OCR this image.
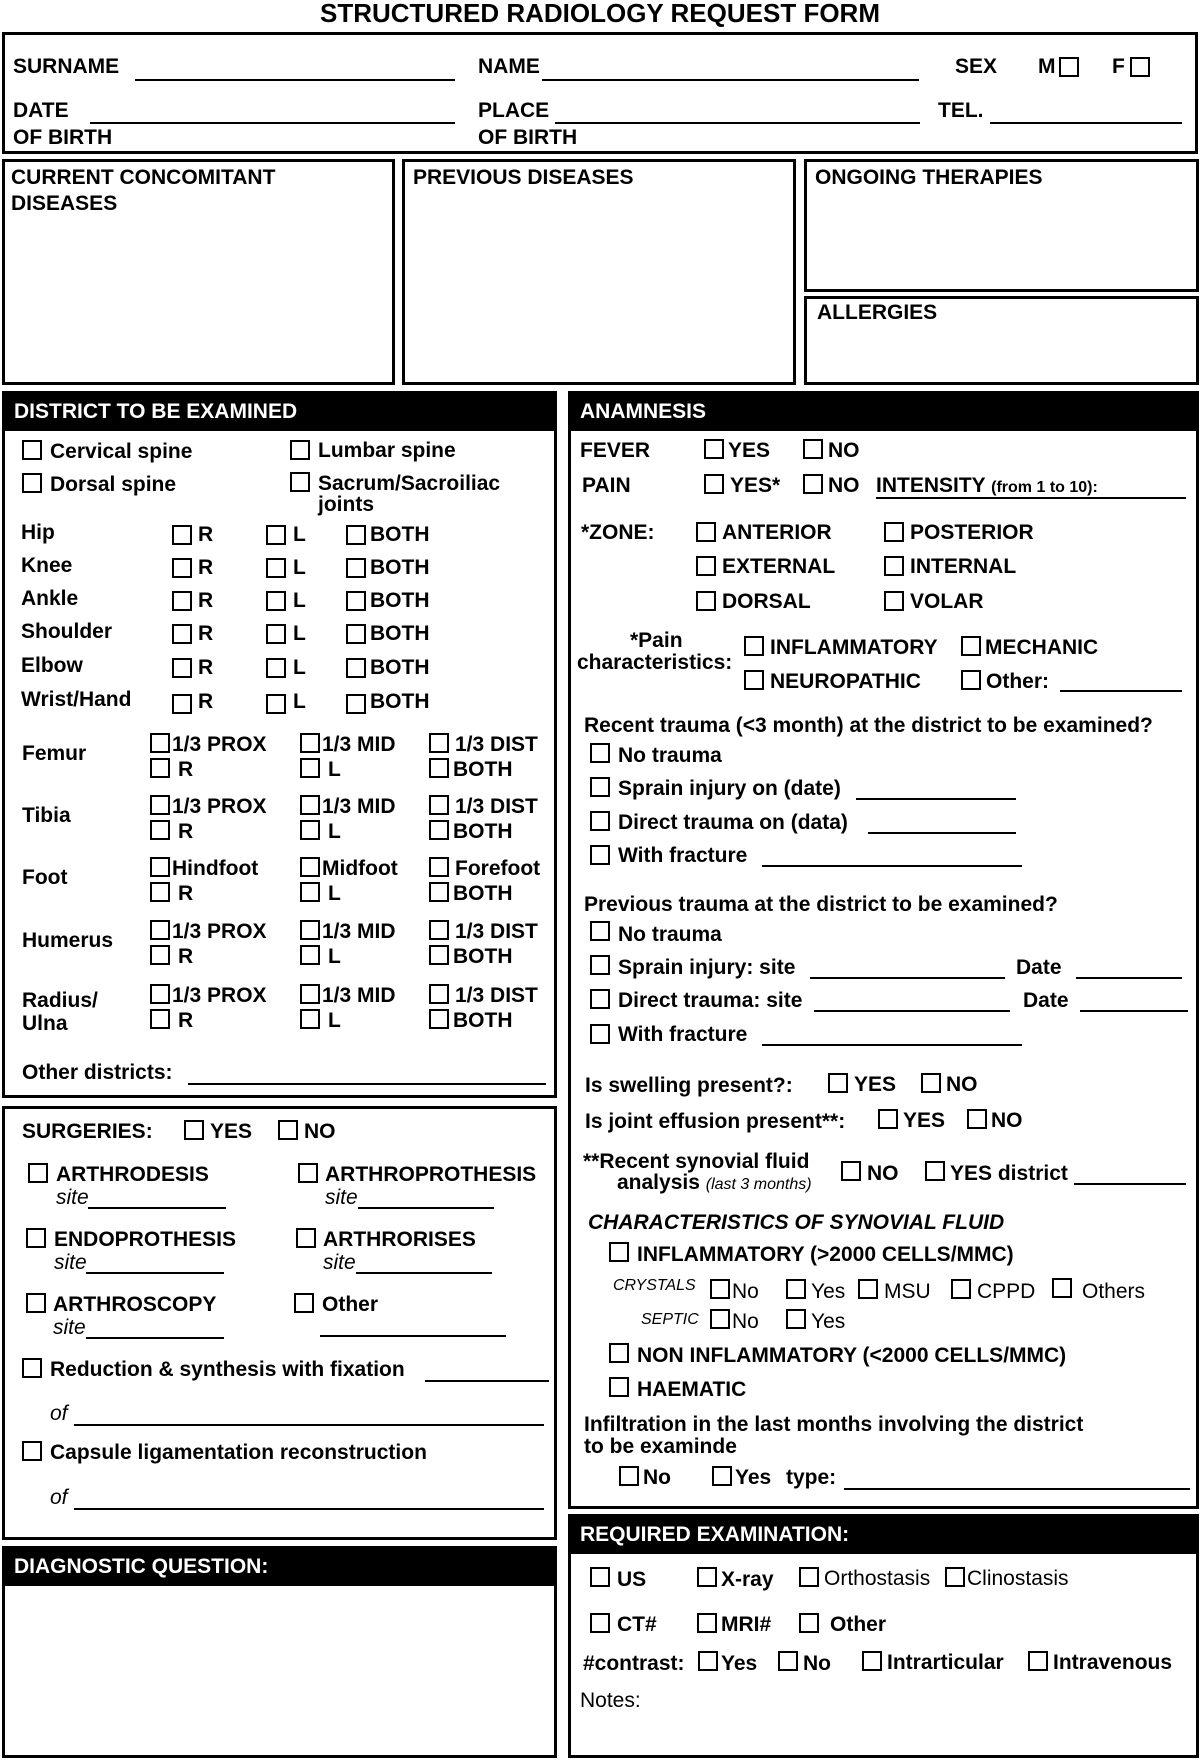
STRUCTURED RADIOLOGY REQUEST FORM
SURNAME	NAME	SEX M	F
DATE
OF BIRTH
PLACE
OF BIRTH
TEL.
CURRENT CONCOMITANT
DISEASES
PREVIOUS DISEASES	ONGOING THERAPIES
ALLERGIES
DISTRICT TO BE EXAMINED
Cervical spine	Lumbar spine
Dorsal spine	Sacrum/Sacroiliac
joints
Hip	R	L	BOTH
Knee	R	L	BOTH
Ankle	R	L	BOTH
Shoulder	R	L	BOTH
Elbow	R	L	BOTH
Wrist/Hand	R	L	BOTH
Femur	1/3 PROX	1/3 MID	1/3 DIST
R	L	BOTH
Tibia	1/3 PROX	1/3 MID	1/3 DIST
R	L	BOTH
Foot	Hindfoot	Midfoot	Forefoot
R	L	BOTH
Humerus	1/3 PROX	1/3 MID	1/3 DIST
R	L	BOTH
Radius/
Ulna
1/3 PROX	1/3 MID	1/3 DIST
R	L	BOTH
Other districts:
SURGERIES:	YES NO
ARTHRODESIS
site
ARTHROPROTHESIS
site
ENDOPROTHESIS
site
ARTHRORISES
site
ARTHROSCOPY
site
Other
Reduction & synthesis with fixation
of
Capsule ligamentation reconstruction
of
DIAGNOSTIC QUESTION:
ANAMNESIS
FEVER	YES	NO
PAIN	YES* NO INTENSITY (from 1 to 10):
*ZONE:	ANTERIOR	POSTERIOR
EXTERNAL	INTERNAL
DORSAL	VOLAR
*Pain
characteristics:
INFLAMMATORY MECHANIC
NEUROPATHIC	Other:
Recent trauma (<3 month) at the district to be examined?
No trauma
Sprain injury on (date)
Direct trauma on (data)
With fracture
Previous trauma at the district to be examined?
No trauma
Sprain injury: site	Date
Direct trauma: site	Date
With fracture
Is swelling present?:	YES NO
Is joint effusion present**:	YES NO
**Recent synovial fluid
analysis (last 3 months)	NO YES district
CHARACTERISTICS OF SYNOVIAL FLUID
INFLAMMATORY (>2000 CELLS/MMC)
CRYSTALS No Yes MSU CPPD Others
SEPTIC No Yes
NON INFLAMMATORY (<2000 CELLS/MMC)
HAEMATIC
Infiltration in the last months involving the district
to be examinde
No	Yes type:
REQUIRED EXAMINATION:
US	X-ray Orthostasis Clinostasis
CT#	MRI#	Other
#contrast: Yes No	Intrarticular Intravenous
Notes:
